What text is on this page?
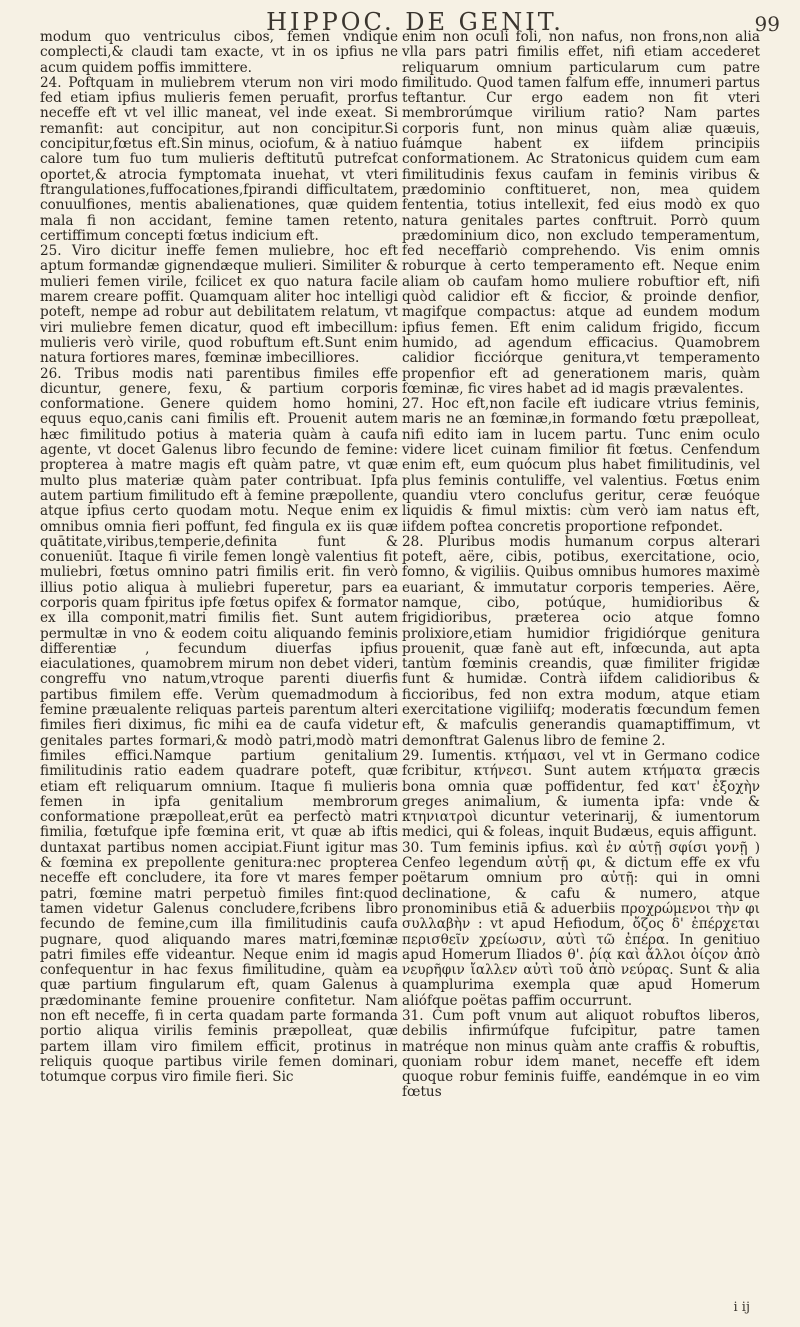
HIPPOC. DE GENIT.	99

modum quo ventriculus cibos, femen vndique complecti,& claudi tam exacte, vt in os ipfius ne acum quidem poffis immittere.

24. Poftquam in muliebrem vterum non viri modo fed etiam ipfius mulieris femen peruafit, prorfus neceffe eft vt vel illic maneat, vel inde exeat. Si remanfit: aut concipitur, aut non concipitur.Si concipitur,fœtus eft.Sin minus, ociofum, & à natiuo calore tum fuo tum mulieris deftitutū putrefcat oportet,& atrocia fymptomata inuehat, vt vteri ftrangulationes,fuffocationes,fpirandi difficultatem, conuulfiones, mentis abalienationes, quæ quidem mala fi non accidant, femine tamen retento, certiffimum concepti fœtus indicium eft.

25. Viro dicitur ineffe femen muliebre, hoc eft aptum formandæ gignendæque mulieri. Similiter & mulieri femen virile, fcilicet ex quo natura facile marem creare poffit. Quamquam aliter hoc intelligi poteft, nempe ad robur aut debilitatem relatum, vt viri muliebre femen dicatur, quod eft imbecillum: mulieris verò virile, quod robuftum eft.Sunt enim natura fortiores mares, fœminæ imbecilliores.

26. Tribus modis nati parentibus fimiles effe dicuntur, genere, fexu, & partium corporis conformatione. Genere quidem homo homini, equus equo,canis cani fimilis eft. Prouenit autem hæc fimilitudo potius à materia quàm à caufa agente, vt docet Galenus libro fecundo de femine: propterea à matre magis eft quàm patre, vt quæ multo plus materiæ quàm pater contribuat. Ipfa autem partium fimilitudo eft à femine præpollente, atque ipfius certo quodam motu. Neque enim ex omnibus omnia fieri poffunt, fed fingula ex iis quæ quātitate,viribus,temperie,definita funt & conueniūt. Itaque fi virile femen longè valentius fit muliebri, fœtus omnino patri fimilis erit. fin verò illius potio aliqua à muliebri fuperetur, pars ea corporis quam fpiritus ipfe fœtus opifex & formator ex illa componit,matri fimilis fiet. Sunt autem permultæ in vno & eodem coitu aliquando feminis differentiæ , fecundum diuerfas ipfius eiaculationes, quamobrem mirum non debet videri, congreffu vno natum,vtroque parenti diuerfis partibus fimilem effe. Verùm quemadmodum à femine præualente reliquas parteis parentum alteri fimiles fieri diximus, fic mihi ea de caufa videtur genitales partes formari,& modò patri,modò matri fimiles effici.Namque partium genitalium fimilitudinis ratio eadem quadrare poteft, quæ etiam eft reliquarum omnium. Itaque fi mulieris femen in ipfa genitalium membrorum conformatione præpolleat,erūt ea perfectò matri fimilia, fœtufque ipfe fœmina erit, vt quæ ab iftis duntaxat partibus nomen accipiat.Fiunt igitur mas & fœmina ex prepollente genitura:nec propterea neceffe eft concludere, ita fore vt mares femper patri, fœmine matri perpetuò fimiles fint:quod tamen videtur Galenus concludere,fcribens libro fecundo de femine,cum illa fimilitudinis caufa pugnare, quod aliquando mares matri,fœminæ patri fimiles effe videantur. Neque enim id magis confequentur in hac fexus fimilitudine, quàm ea quæ partium fingularum eft, quam Galenus à prædominante femine prouenire confitetur. Nam non eft neceffe, fi in certa quadam parte formanda portio aliqua virilis feminis præpolleat, quæ partem illam viro fimilem efficit, protinus in reliquis quoque partibus virile femen dominari, totumque corpus viro fimile fieri. Sic

enim non oculi foli, non nafus, non frons,non alia vlla pars patri fimilis effet, nifi etiam accederet reliquarum omnium particularum cum patre fimilitudo. Quod tamen falfum effe, innumeri partus teftantur. Cur ergo eadem non fit vteri membrorúmque virilium ratio? Nam partes corporis funt, non minus quàm aliæ quæuis, fuámque habent ex iifdem principiis conformationem. Ac Stratonicus quidem cum eam fimilitudinis fexus caufam in feminis viribus & prædominio conftitueret, non, mea quidem fententia, totius intellexit, fed eius modò ex quo natura genitales partes conftruit. Porrò quum prædominium dico, non excludo temperamentum, fed neceffariò comprehendo. Vis enim omnis roburque à certo temperamento eft. Neque enim aliam ob caufam homo muliere robuftior eft, nifi quòd calidior eft & ficcior, & proinde denfior, magifque compactus: atque ad eundem modum ipfius femen. Eft enim calidum frigido, ficcum humido, ad agendum efficacius. Quamobrem calidior ficciórque genitura,vt temperamento propenfior eft ad generationem maris, quàm fœminæ, fic vires habet ad id magis prævalentes.

27. Hoc eft,non facile eft iudicare vtrius feminis, maris ne an fœminæ,in formando fœtu præpolleat, nifi edito iam in lucem partu. Tunc enim oculo videre licet cuinam fimilior fit fœtus. Cenfendum enim eft, eum quócum plus habet fimilitudinis, vel plus feminis contuliffe, vel valentius. Fœtus enim quandiu vtero conclufus geritur, ceræ feuóque liquidis & fimul mixtis: cùm verò iam natus eft, iifdem poftea concretis proportione refpondet.

28. Pluribus modis humanum corpus alterari poteft, aëre, cibis, potibus, exercitatione, ocio, fomno, & vigiliis. Quibus omnibus humores maximè euariant, & immutatur corporis temperies. Aëre, namque, cibo, potúque, humidioribus & frigidioribus, præterea ocio atque fomno prolixiore,etiam humidior frigidiórque genitura prouenit, quæ fanè aut eft, infœcunda, aut apta tantùm fœminis creandis, quæ fimiliter frigidæ funt & humidæ. Contrà iifdem calidioribus & ficcioribus, fed non extra modum, atque etiam exercitatione vigiliifq; moderatis fœcundum femen eft, & mafculis generandis quamaptiffimum, vt demonftrat Galenus libro de femine 2.

29. Iumentis. κτήμασι, vel vt in Germano codice fcribitur, κτήνεσι. Sunt autem κτήματα græcis bona omnia quæ poffidentur, fed κατ' ἐξοχὴν greges animalium, & iumenta ipfa: vnde & κτηνιατροὶ dicuntur veterinarij, & iumentorum medici, qui & foleas, inquit Budæus, equis affigunt.

30. Tum feminis ipfius. καὶ ἐν αὐτῇ σφίσι γονῇ ) Cenfeo legendum αὐτῇ φι, & dictum effe ex vfu poëtarum omnium pro αὐτῇ: qui in omni declinatione, & cafu & numero, atque pronominibus etiā & aduerbiis προχρώμενοι τὴν φι συλλαβὴν : vt apud Hefiodum, ὄζος δ' ἐπέρχεται περισθεῖν χρείωσιν, αὐτὶ τῶ ἐπέρα. In genitiuo apud Homerum Iliados θ'. ῥίᾳ καὶ ἄλλοι ὀίςον ἀπὸ νευρῆφιν ἴαλλεν αὐτὶ τοῦ ἀπὸ νεύρας. Sunt & alia quamplurima exempla quæ apud Homerum aliófque poëtas paffim occurrunt.

31. Cum poft vnum aut aliquot robuftos liberos, debilis infirmúfque fufcipitur, patre tamen matréque non minus quàm ante craffis & robuftis, quoniam robur idem manet, neceffe eft idem quoque robur feminis fuiffe, eandémque in eo vim fœtus

i ij
